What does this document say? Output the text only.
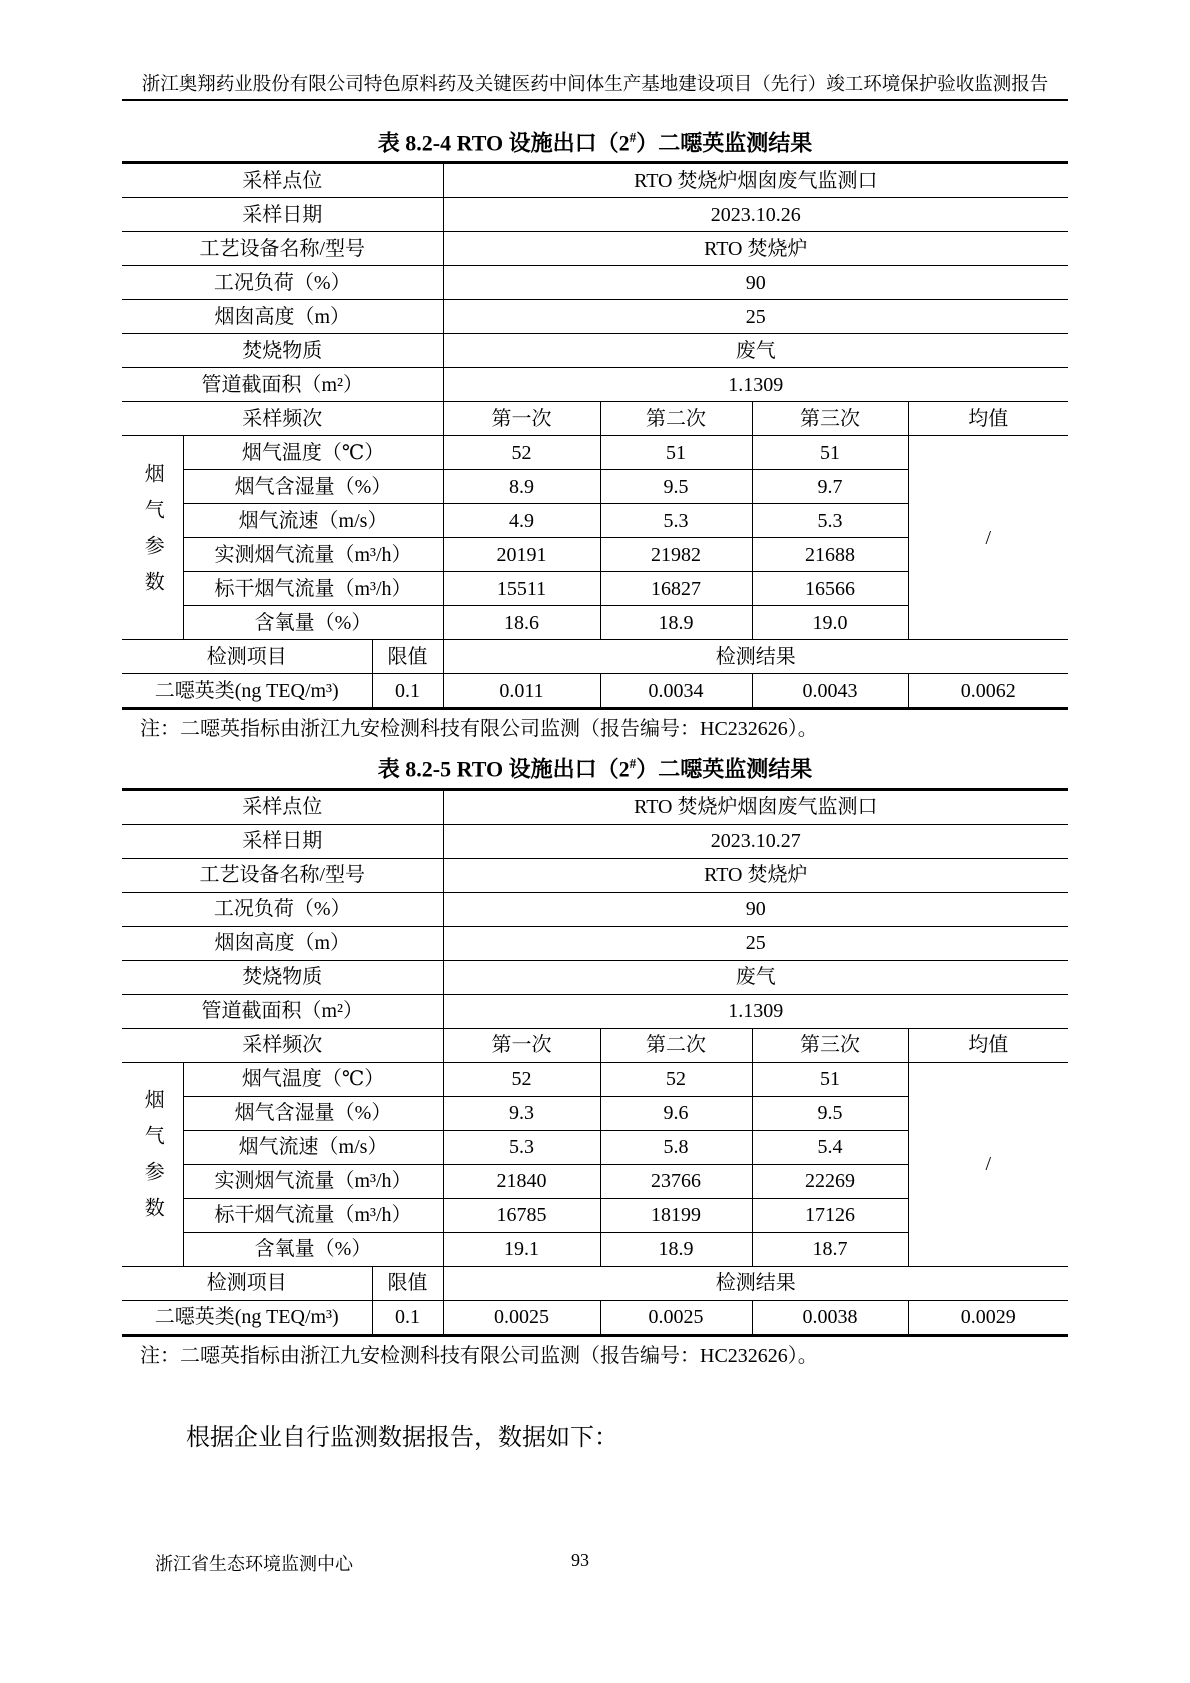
浙江奥翔药业股份有限公司特色原料药及关键医药中间体生产基地建设项目（先行）竣工环境保护验收监测报告
表 8.2-4 RTO 设施出口（2#）二噁英监测结果
采样点位			RTO 焚烧炉烟囱废气监测口			
采样日期			2023.10.26			
工艺设备名称/型号			RTO 焚烧炉			
工况负荷（%）			90			
烟囱高度（m）			25			
焚烧物质			废气			
管道截面积（m²）			1.1309			
采样频次			第一次	第二次	第三次	均值
烟气参数	烟气温度（℃）		52	51	51	/
	烟气含湿量（%）		8.9	9.5	9.7	
	烟气流速（m/s）		4.9	5.3	5.3	
	实测烟气流量（m³/h）		20191	21982	21688	
	标干烟气流量（m³/h）		15511	16827	16566	
	含氧量（%）		18.6	18.9	19.0	
检测项目		限值	检测结果			
二噁英类(ng TEQ/m³)		0.1	0.011	0.0034	0.0043	0.0062
注：二噁英指标由浙江九安检测科技有限公司监测（报告编号：HC232626）。
表 8.2-5 RTO 设施出口（2#）二噁英监测结果
采样点位			RTO 焚烧炉烟囱废气监测口			
采样日期			2023.10.27			
工艺设备名称/型号			RTO 焚烧炉			
工况负荷（%）			90			
烟囱高度（m）			25			
焚烧物质			废气			
管道截面积（m²）			1.1309			
采样频次			第一次	第二次	第三次	均值
烟气参数	烟气温度（℃）		52	52	51	/
	烟气含湿量（%）		9.3	9.6	9.5	
	烟气流速（m/s）		5.3	5.8	5.4	
	实测烟气流量（m³/h）		21840	23766	22269	
	标干烟气流量（m³/h）		16785	18199	17126	
	含氧量（%）		19.1	18.9	18.7	
检测项目		限值	检测结果			
二噁英类(ng TEQ/m³)		0.1	0.0025	0.0025	0.0038	0.0029
注：二噁英指标由浙江九安检测科技有限公司监测（报告编号：HC232626）。
根据企业自行监测数据报告，数据如下：
浙江省生态环境监测中心	93
